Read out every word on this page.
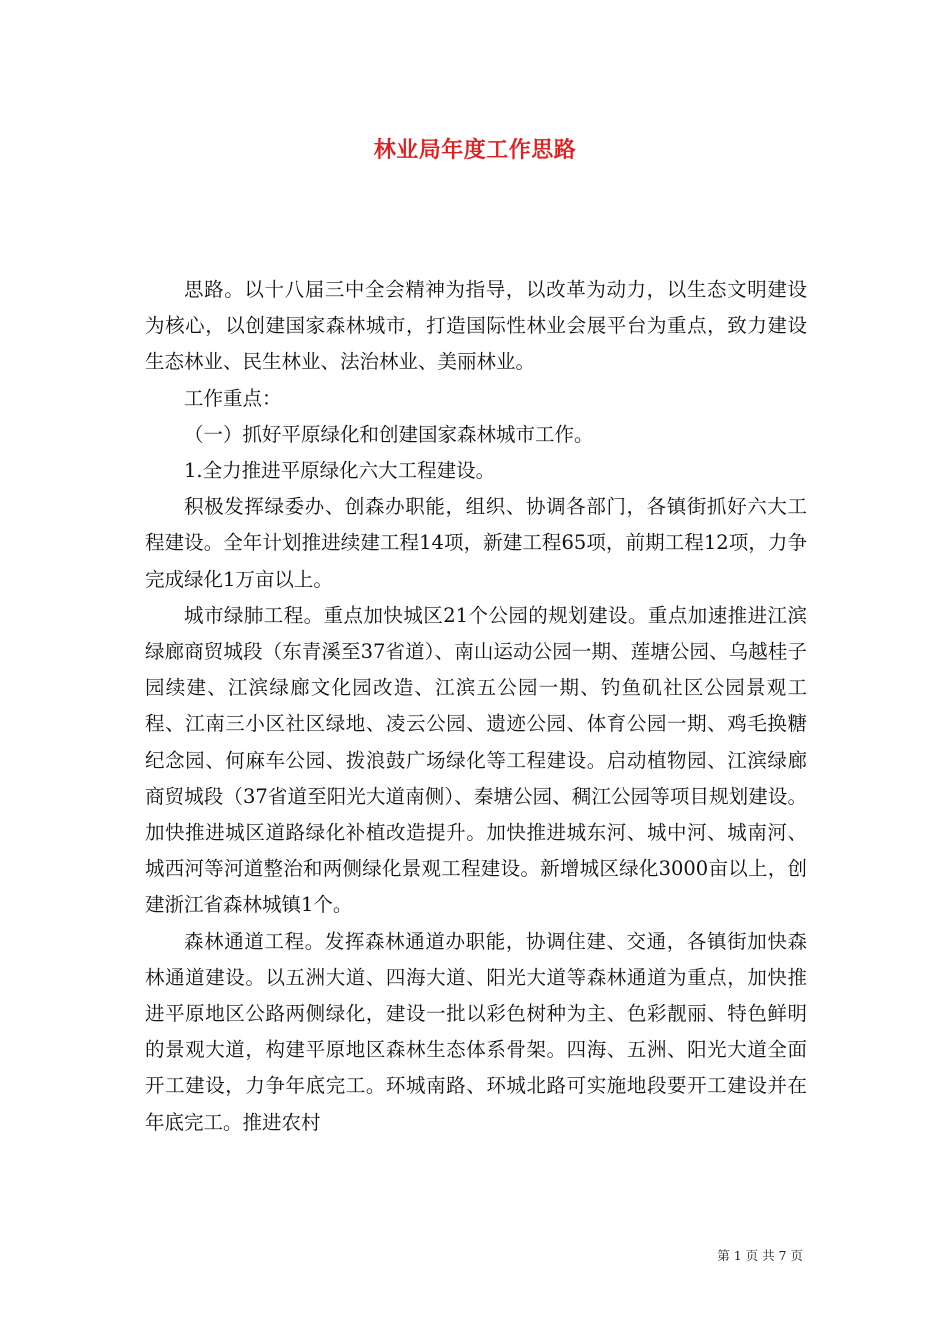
林业局年度工作思路

思路。以十八届三中全会精神为指导，以改革为动力，以生态文明建设为核心，以创建国家森林城市，打造国际性林业会展平台为重点，致力建设生态林业、民生林业、法治林业、美丽林业。

工作重点：

（一）抓好平原绿化和创建国家森林城市工作。

1.全力推进平原绿化六大工程建设。

积极发挥绿委办、创森办职能，组织、协调各部门，各镇街抓好六大工程建设。全年计划推进续建工程14项，新建工程65项，前期工程12项，力争完成绿化1万亩以上。

城市绿肺工程。重点加快城区21个公园的规划建设。重点加速推进江滨绿廊商贸城段（东青溪至37省道）、南山运动公园一期、莲塘公园、乌越桂子园续建、江滨绿廊文化园改造、江滨五公园一期、钓鱼矶社区公园景观工程、江南三小区社区绿地、凌云公园、遗迹公园、体育公园一期、鸡毛换糖纪念园、何麻车公园、拨浪鼓广场绿化等工程建设。启动植物园、江滨绿廊商贸城段（37省道至阳光大道南侧）、秦塘公园、稠江公园等项目规划建设。加快推进城区道路绿化补植改造提升。加快推进城东河、城中河、城南河、城西河等河道整治和两侧绿化景观工程建设。新增城区绿化3000亩以上，创建浙江省森林城镇1个。

森林通道工程。发挥森林通道办职能，协调住建、交通，各镇街加快森林通道建设。以五洲大道、四海大道、阳光大道等森林通道为重点，加快推进平原地区公路两侧绿化，建设一批以彩色树种为主、色彩靓丽、特色鲜明的景观大道，构建平原地区森林生态体系骨架。四海、五洲、阳光大道全面开工建设，力争年底完工。环城南路、环城北路可实施地段要开工建设并在年底完工。推进农村

第 1 页 共 7 页
